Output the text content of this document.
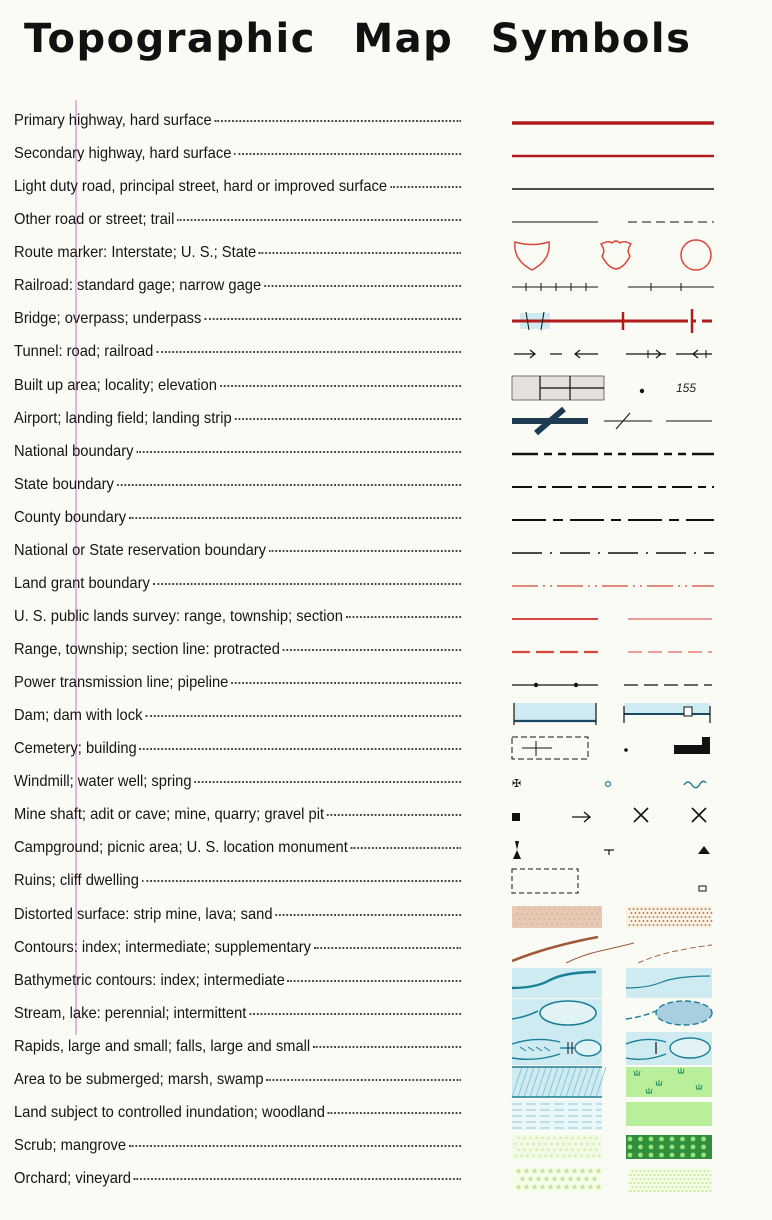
Topographic Map Symbols
Primary highway, hard surface
Secondary highway, hard surface
Light duty road, principal street, hard or improved surface
Other road or street; trail
Route marker: Interstate; U. S.; State
Railroad: standard gage; narrow gage
Bridge; overpass; underpass
Tunnel: road; railroad
Built up area; locality; elevation	155
Airport; landing field; landing strip
National boundary
State boundary
County boundary
National or State reservation boundary
Land grant boundary
U. S. public lands survey: range, township; section
Range, township; section line: protracted
Power transmission line; pipeline
Dam; dam with lock
Cemetery; building
Windmill; water well; spring	✠
Mine shaft; adit or cave; mine, quarry; gravel pit
Campground; picnic area; U. S. location monument
Ruins; cliff dwelling
Distorted surface: strip mine, lava; sand
Contours: index; intermediate; supplementary
Bathymetric contours: index; intermediate
Stream, lake: perennial; intermittent
Rapids, large and small; falls, large and small
Area to be submerged; marsh, swamp
Land subject to controlled inundation; woodland
Scrub; mangrove
Orchard; vineyard
